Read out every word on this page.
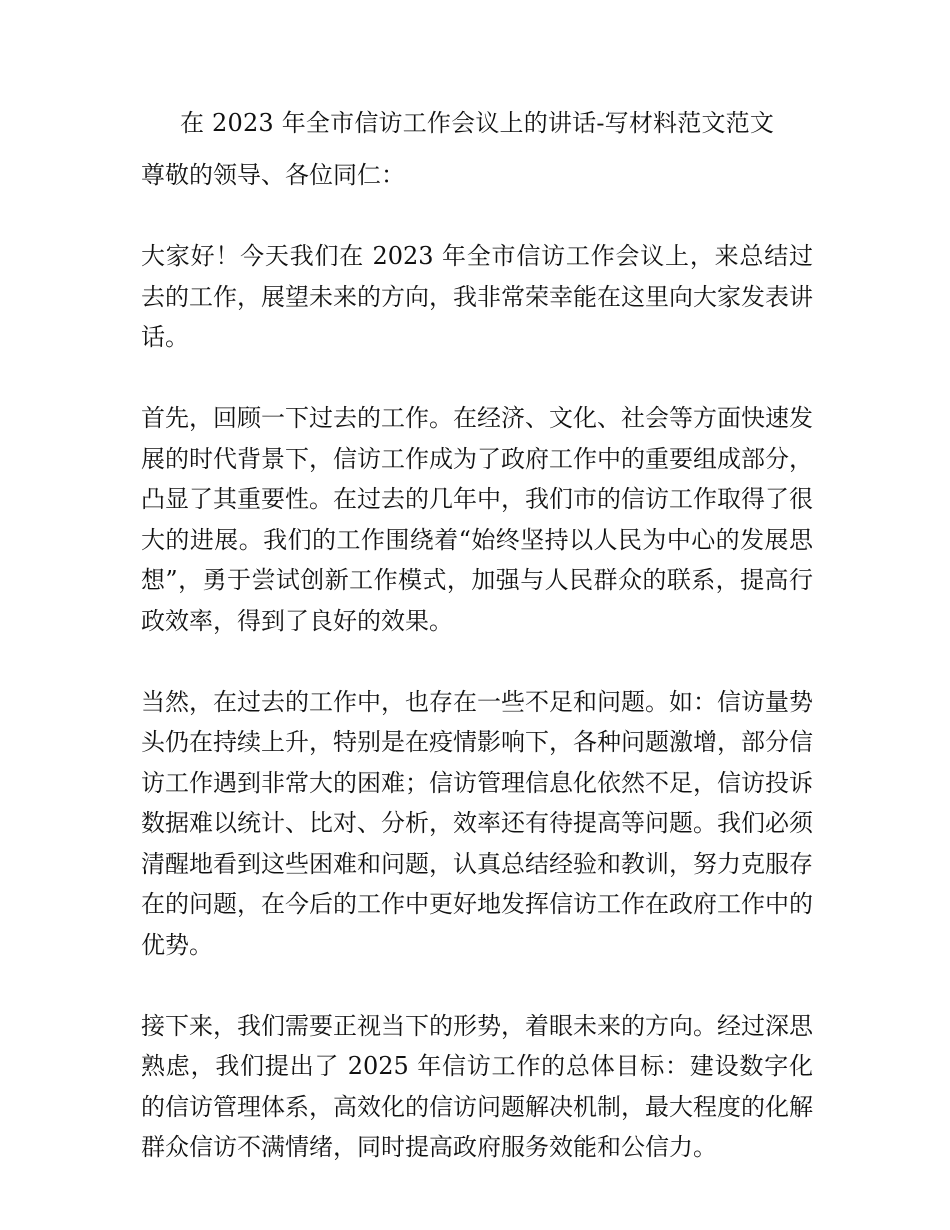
在 2023 年全市信访工作会议上的讲话-写材料范文范文

尊敬的领导、各位同仁：

大家好！今天我们在 2023 年全市信访工作会议上，来总结过去的工作，展望未来的方向，我非常荣幸能在这里向大家发表讲话。

首先，回顾一下过去的工作。在经济、文化、社会等方面快速发展的时代背景下，信访工作成为了政府工作中的重要组成部分，凸显了其重要性。在过去的几年中，我们市的信访工作取得了很大的进展。我们的工作围绕着“始终坚持以人民为中心的发展思想”，勇于尝试创新工作模式，加强与人民群众的联系，提高行政效率，得到了良好的效果。

当然，在过去的工作中，也存在一些不足和问题。如：信访量势头仍在持续上升，特别是在疫情影响下，各种问题激增，部分信访工作遇到非常大的困难；信访管理信息化依然不足，信访投诉数据难以统计、比对、分析，效率还有待提高等问题。我们必须清醒地看到这些困难和问题，认真总结经验和教训，努力克服存在的问题，在今后的工作中更好地发挥信访工作在政府工作中的优势。

接下来，我们需要正视当下的形势，着眼未来的方向。经过深思熟虑，我们提出了 2025 年信访工作的总体目标：建设数字化的信访管理体系，高效化的信访问题解决机制，最大程度的化解群众信访不满情绪，同时提高政府服务效能和公信力。
